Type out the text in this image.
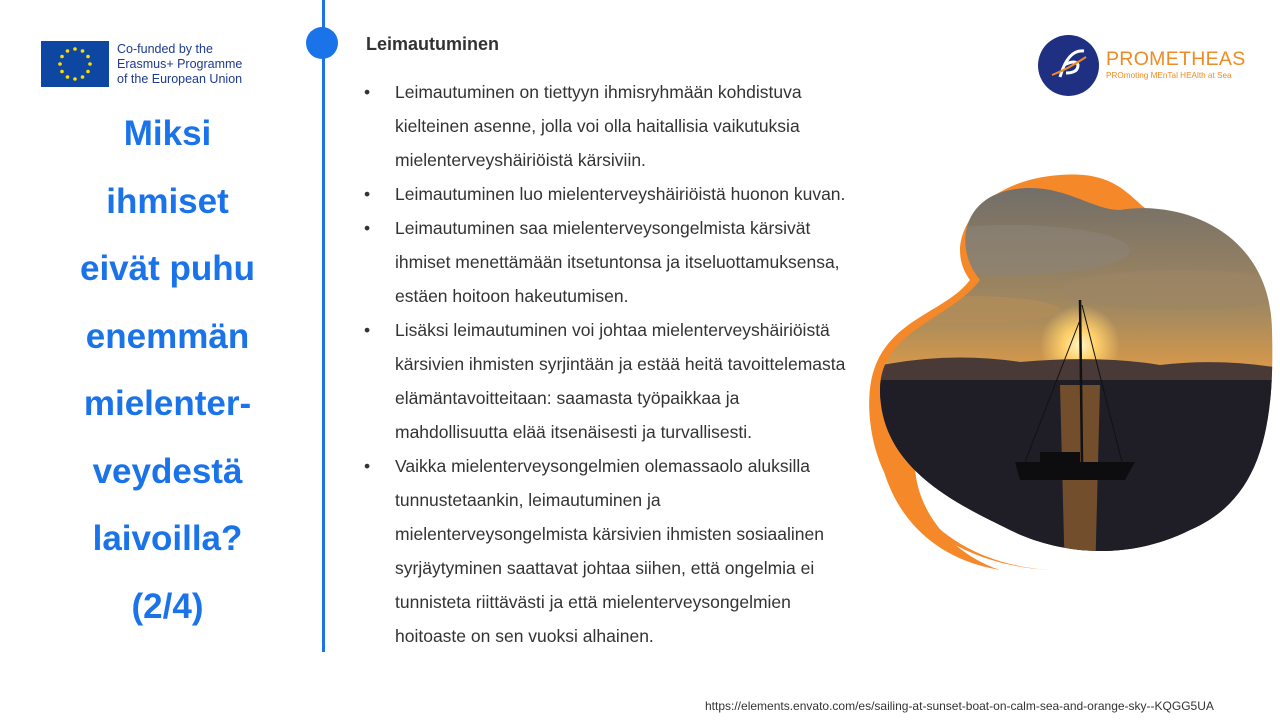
Co-funded by the
Erasmus+ Programme
of the European Union
Miksi
ihmiset
eivät puhu
enemmän
mielenter-
veydestä
laivoilla?
(2/4)
Leimautuminen
• Leimautuminen on tiettyyn ihmisryhmään kohdistuva
kielteinen asenne, jolla voi olla haitallisia vaikutuksia
mielenterveyshäiriöistä kärsiviin.
• Leimautuminen luo mielenterveyshäiriöistä huonon kuvan.
• Leimautuminen saa mielenterveysongelmista kärsivät
ihmiset menettämään itsetuntonsa ja itseluottamuksensa,
estäen hoitoon hakeutumisen.
• Lisäksi leimautuminen voi johtaa mielenterveyshäiriöistä
kärsivien ihmisten syrjintään ja estää heitä tavoittelemasta
elämäntavoitteitaan: saamasta työpaikkaa ja
mahdollisuutta elää itsenäisesti ja turvallisesti.
• Vaikka mielenterveysongelmien olemassaolo aluksilla
tunnustetaankin, leimautuminen ja
mielenterveysongelmista kärsivien ihmisten sosiaalinen
syrjäytyminen saattavat johtaa siihen, että ongelmia ei
tunnisteta riittävästi ja että mielenterveysongelmien
hoitoaste on sen vuoksi alhainen.
PROMETHEAS
PROmoting MEnTal HEAlth at Sea
https://elements.envato.com/es/sailing-at-sunset-boat-on-calm-sea-and-orange-sky--KQGG5UA
